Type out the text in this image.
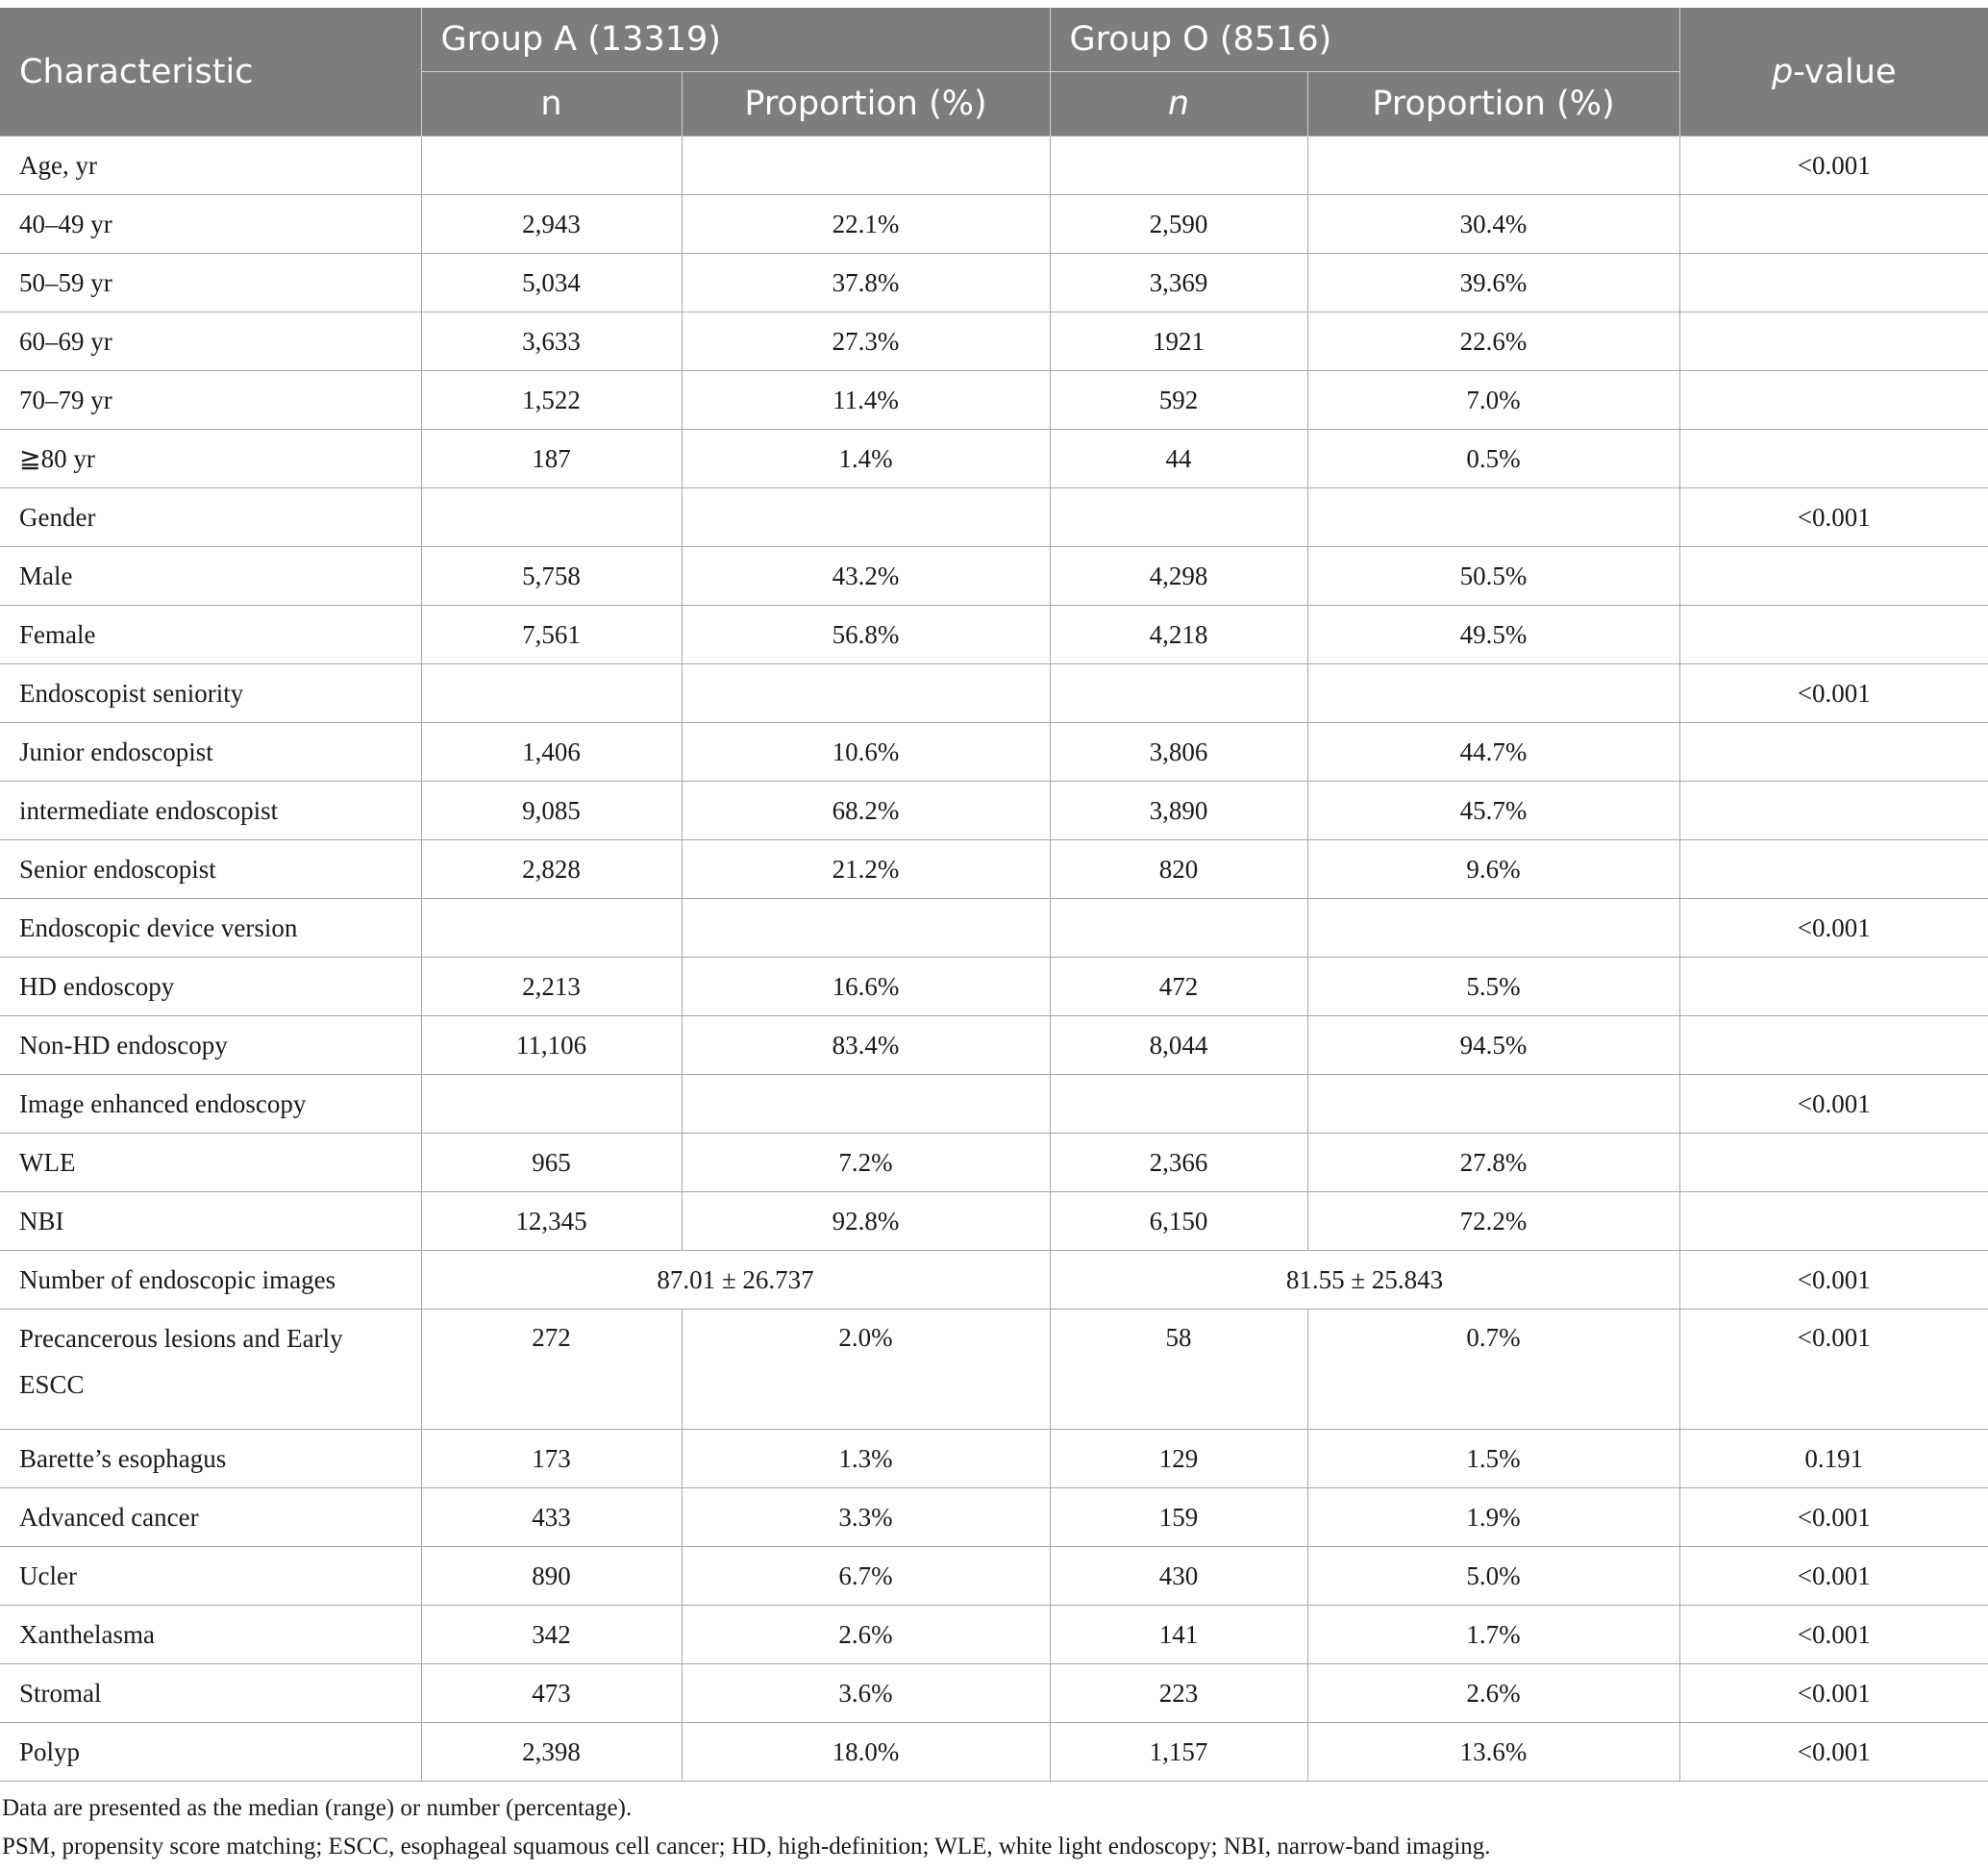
Characteristic	Group A (13319)		Group O (8516)		p-value
	n	Proportion (%)	n	Proportion (%)	
Age, yr					<0.001
40–49 yr	2,943	22.1%	2,590	30.4%	
50–59 yr	5,034	37.8%	3,369	39.6%	
60–69 yr	3,633	27.3%	1921	22.6%	
70–79 yr	1,522	11.4%	592	7.0%	
≧80 yr	187	1.4%	44	0.5%	
Gender					<0.001
Male	5,758	43.2%	4,298	50.5%	
Female	7,561	56.8%	4,218	49.5%	
Endoscopist seniority					<0.001
Junior endoscopist	1,406	10.6%	3,806	44.7%	
intermediate endoscopist	9,085	68.2%	3,890	45.7%	
Senior endoscopist	2,828	21.2%	820	9.6%	
Endoscopic device version					<0.001
HD endoscopy	2,213	16.6%	472	5.5%	
Non-HD endoscopy	11,106	83.4%	8,044	94.5%	
Image enhanced endoscopy					<0.001
WLE	965	7.2%	2,366	27.8%	
NBI	12,345	92.8%	6,150	72.2%	
Number of endoscopic images	87.01 ± 26.737		81.55 ± 25.843		<0.001
Precancerous lesions and Early
ESCC	272	2.0%	58	0.7%	<0.001
Barette’s esophagus	173	1.3%	129	1.5%	0.191
Advanced cancer	433	3.3%	159	1.9%	<0.001
Ucler	890	6.7%	430	5.0%	<0.001
Xanthelasma	342	2.6%	141	1.7%	<0.001
Stromal	473	3.6%	223	2.6%	<0.001
Polyp	2,398	18.0%	1,157	13.6%	<0.001
Data are presented as the median (range) or number (percentage).
PSM, propensity score matching; ESCC, esophageal squamous cell cancer; HD, high-definition; WLE, white light endoscopy; NBI, narrow-band imaging.
